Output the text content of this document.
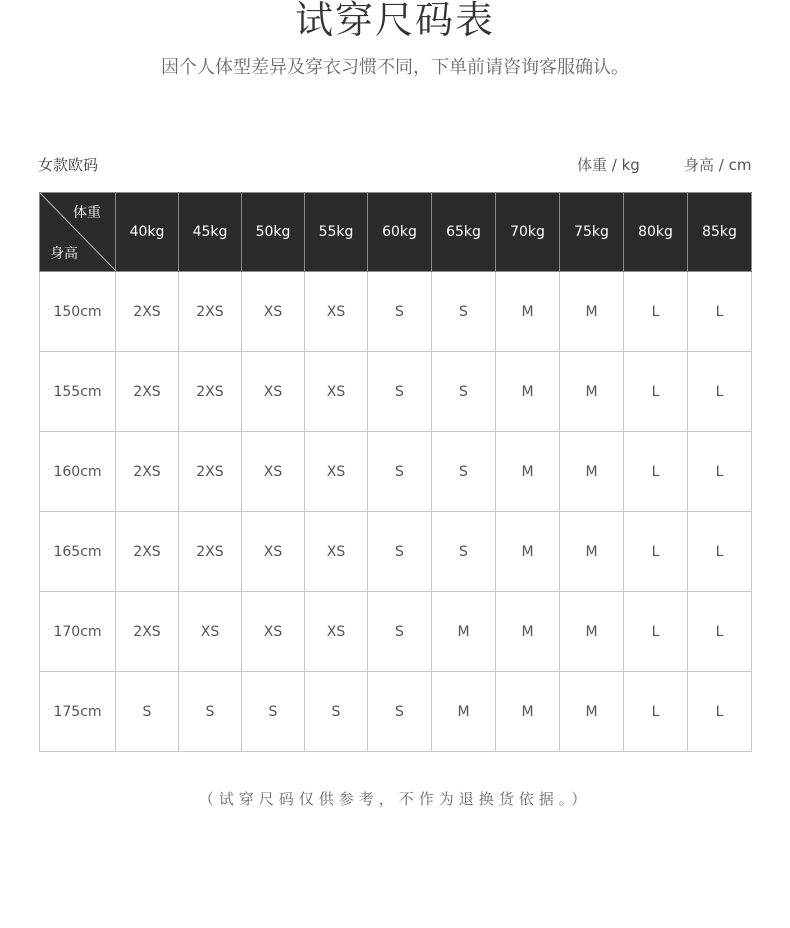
试穿尺码表
因个人体型差异及穿衣习惯不同，下单前请咨询客服确认。
女款欧码	体重 / kg	身高 / cm
体重
身高	40kg	45kg	50kg	55kg	60kg	65kg	70kg	75kg	80kg	85kg
150cm	2XS	2XS	XS	XS	S	S	M	M	L	L
155cm	2XS	2XS	XS	XS	S	S	M	M	L	L
160cm	2XS	2XS	XS	XS	S	S	M	M	L	L
165cm	2XS	2XS	XS	XS	S	S	M	M	L	L
170cm	2XS	XS	XS	XS	S	M	M	M	L	L
175cm	S	S	S	S	S	M	M	M	L	L
（试穿尺码仅供参考，不作为退换货依据。）
